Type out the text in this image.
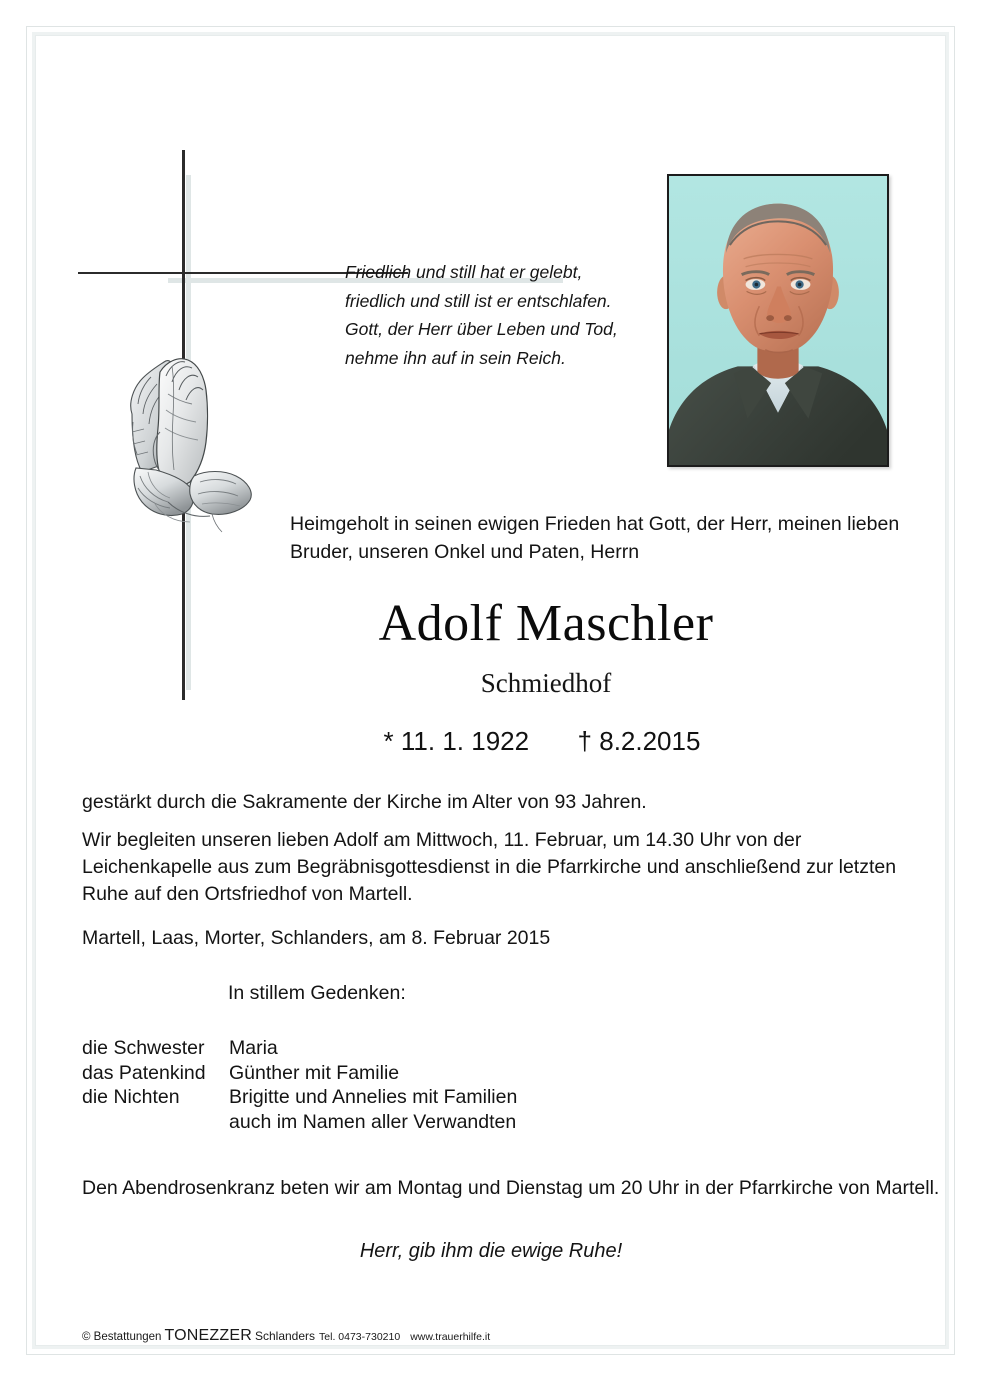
Friedlich und still hat er gelebt,
friedlich und still ist er entschlafen.
Gott, der Herr über Leben und Tod,
nehme ihn auf in sein Reich.
Heimgeholt in seinen ewigen Frieden hat Gott, der Herr, meinen lieben Bruder, unseren Onkel und Paten, Herrn
Adolf Maschler
Schmiedhof
* 11. 1. 1922 † 8.2.2015

gestärkt durch die Sakramente der Kirche im Alter von 93 Jahren.

Wir begleiten unseren lieben Adolf am Mittwoch, 11. Februar, um 14.30 Uhr von der Leichenkapelle aus zum Begräbnisgottesdienst in die Pfarrkirche und anschließend zur letzten Ruhe auf den Ortsfriedhof von Martell.

Martell, Laas, Morter, Schlanders, am 8. Februar 2015
In stillem Gedenken:
die Schwester	Maria
das Patenkind	Günther mit Familie
die Nichten	Brigitte und Annelies mit Familien
auch im Namen aller Verwandten
Den Abendrosenkranz beten wir am Montag und Dienstag um 20 Uhr in der Pfarrkirche von Martell.
Herr, gib ihm die ewige Ruhe!
© Bestattungen TONEZZER Schlanders Tel. 0473-730210 www.trauerhilfe.it
